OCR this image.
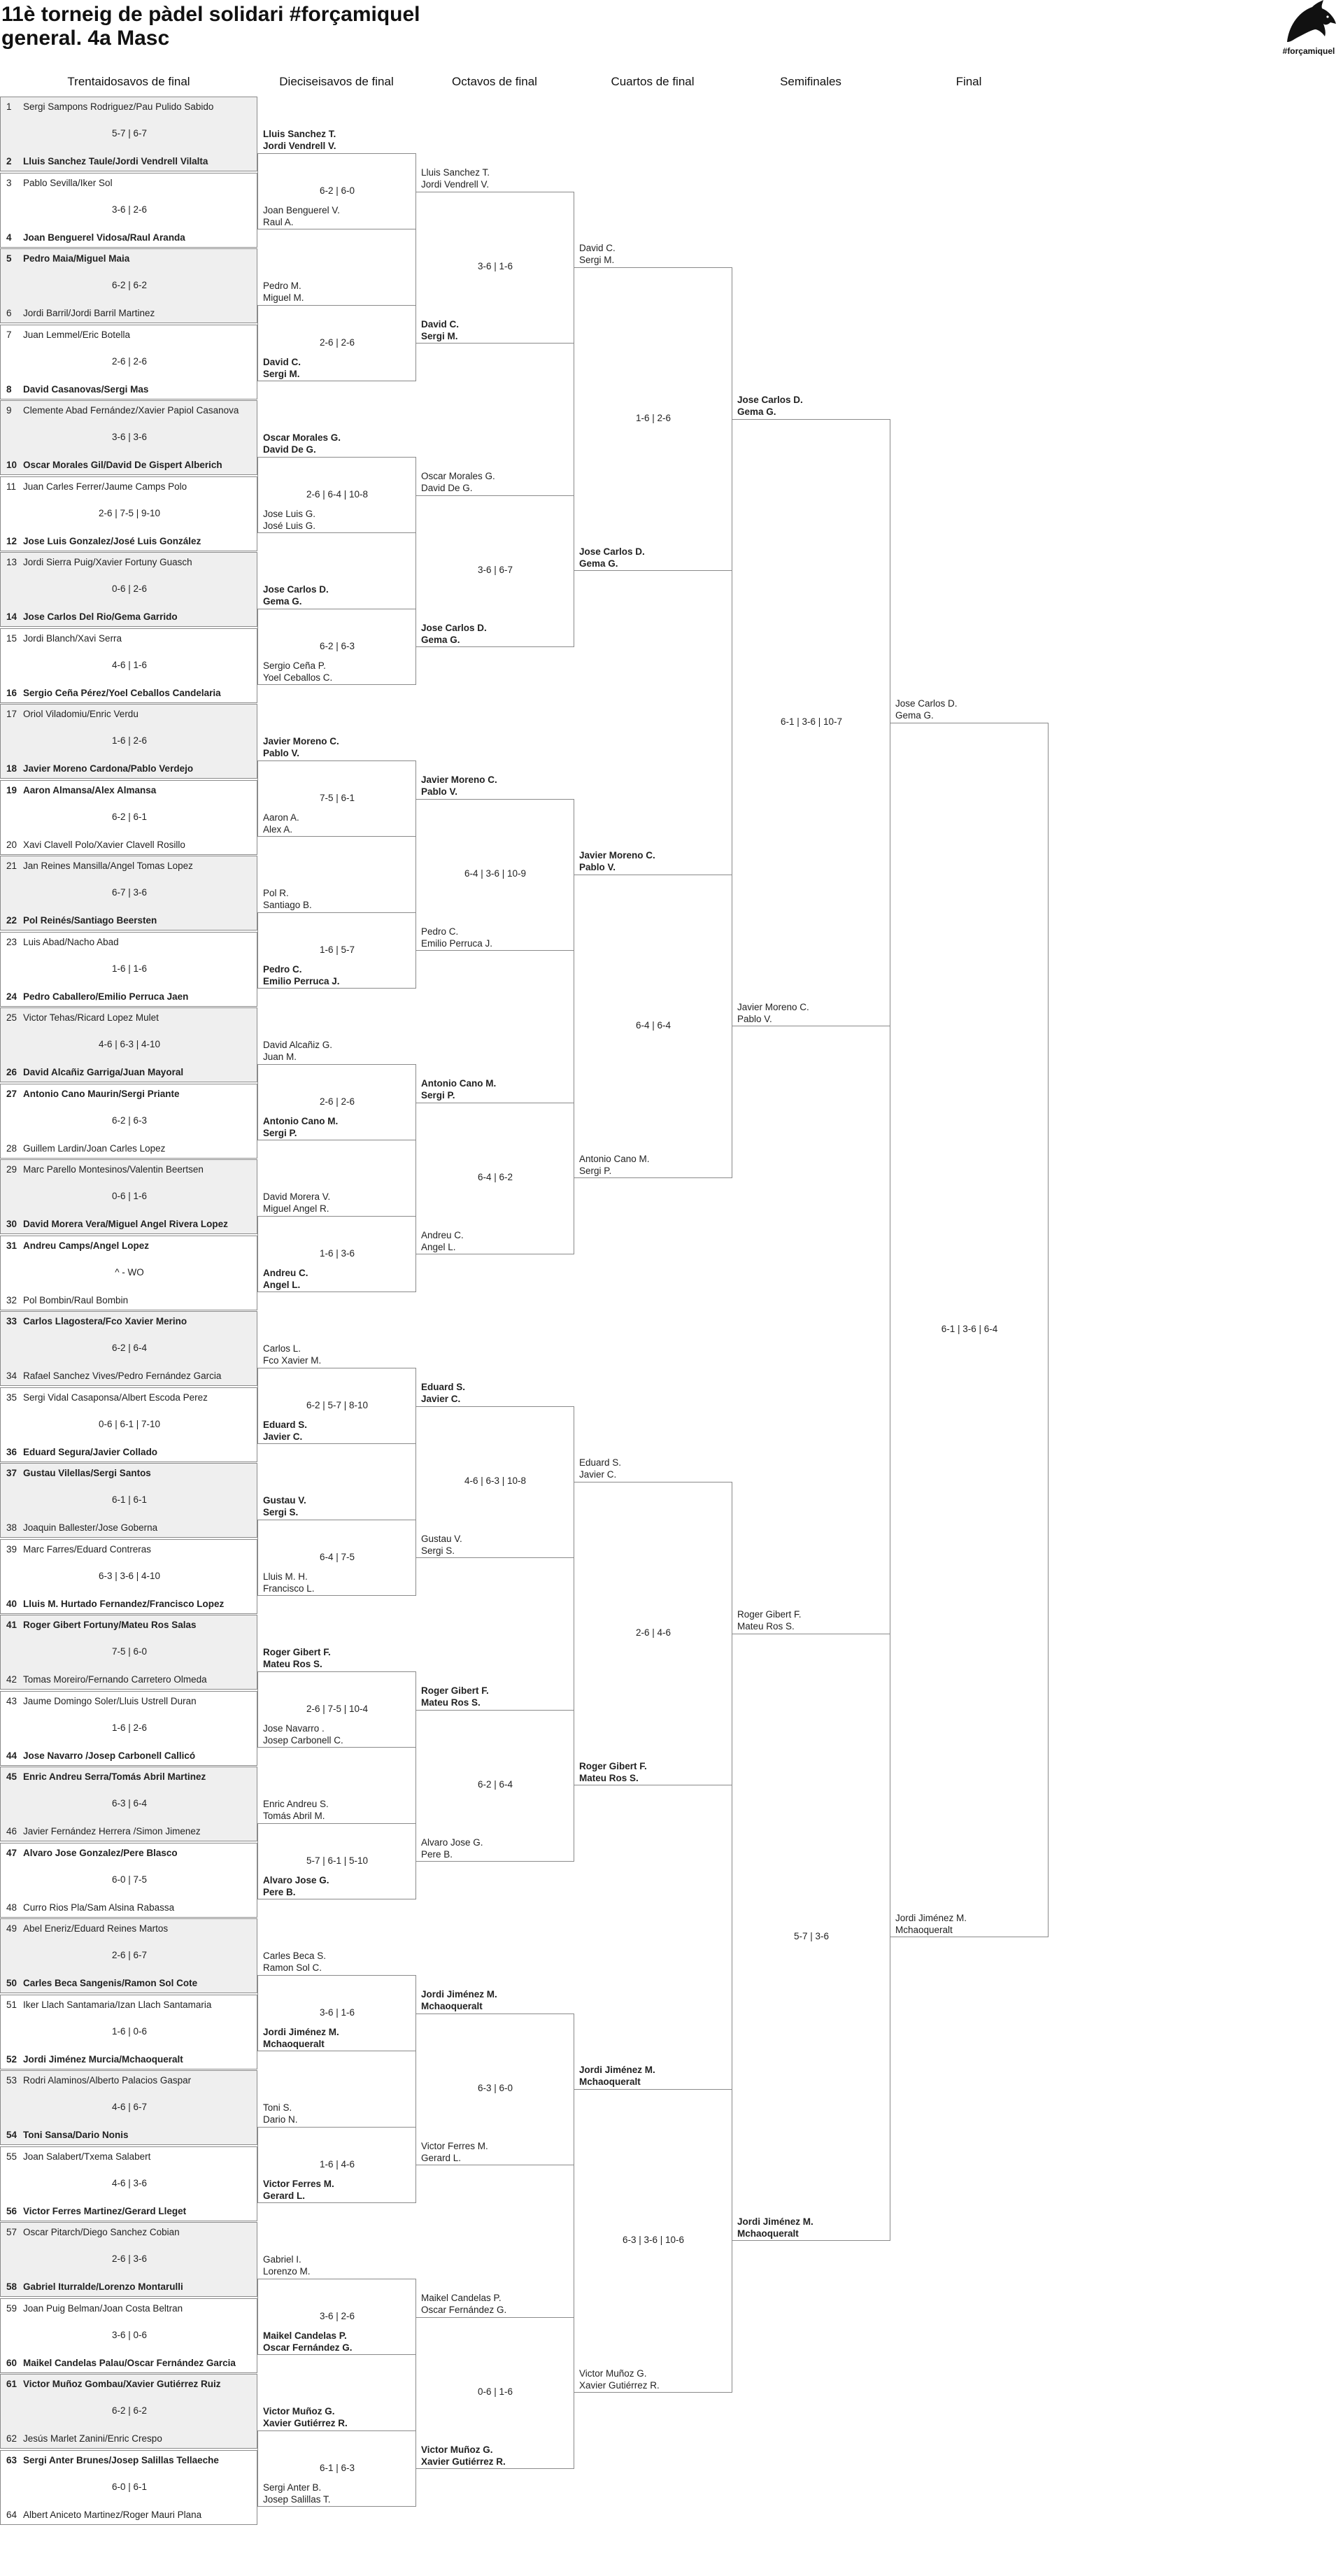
11è torneig de pàdel solidari #forçamiquel
general. 4a Masc
#forçamiquel
Trentaidosavos de final	Dieciseisavos de final	Octavos de final	Cuartos de final	Semifinales	Final
1 Sergi Sampons Rodriguez/Pau Pulido Sabido
5-7 | 6-7
2 Lluis Sanchez Taule/Jordi Vendrell Vilalta
3 Pablo Sevilla/Iker Sol
3-6 | 2-6
4 Joan Benguerel Vidosa/Raul Aranda
5 Pedro Maia/Miguel Maia
6-2 | 6-2
6 Jordi Barril/Jordi Barril Martinez
7 Juan Lemmel/Eric Botella
2-6 | 2-6
8 David Casanovas/Sergi Mas
9 Clemente Abad Fernández/Xavier Papiol Casanova
3-6 | 3-6
10 Oscar Morales Gil/David De Gispert Alberich
11 Juan Carles Ferrer/Jaume Camps Polo
2-6 | 7-5 | 9-10
12 Jose Luis Gonzalez/José Luis González
13 Jordi Sierra Puig/Xavier Fortuny Guasch
0-6 | 2-6
14 Jose Carlos Del Rio/Gema Garrido
15 Jordi Blanch/Xavi Serra
4-6 | 1-6
16 Sergio Ceña Pérez/Yoel Ceballos Candelaria
17 Oriol Viladomiu/Enric Verdu
1-6 | 2-6
18 Javier Moreno Cardona/Pablo Verdejo
19 Aaron Almansa/Alex Almansa
6-2 | 6-1
20 Xavi Clavell Polo/Xavier Clavell Rosillo
21 Jan Reines Mansilla/Angel Tomas Lopez
6-7 | 3-6
22 Pol Reinés/Santiago Beersten
23 Luis Abad/Nacho Abad
1-6 | 1-6
24 Pedro Caballero/Emilio Perruca Jaen
25 Victor Tehas/Ricard Lopez Mulet
4-6 | 6-3 | 4-10
26 David Alcañiz Garriga/Juan Mayoral
27 Antonio Cano Maurin/Sergi Priante
6-2 | 6-3
28 Guillem Lardin/Joan Carles Lopez
29 Marc Parello Montesinos/Valentin Beertsen
0-6 | 1-6
30 David Morera Vera/Miguel Angel Rivera Lopez
31 Andreu Camps/Angel Lopez
^ - WO
32 Pol Bombin/Raul Bombin
33 Carlos Llagostera/Fco Xavier Merino
6-2 | 6-4
34 Rafael Sanchez Vives/Pedro Fernández Garcia
35 Sergi Vidal Casaponsa/Albert Escoda Perez
0-6 | 6-1 | 7-10
36 Eduard Segura/Javier Collado
37 Gustau Vilellas/Sergi Santos
6-1 | 6-1
38 Joaquin Ballester/Jose Goberna
39 Marc Farres/Eduard Contreras
6-3 | 3-6 | 4-10
40 Lluis M. Hurtado Fernandez/Francisco Lopez
41 Roger Gibert Fortuny/Mateu Ros Salas
7-5 | 6-0
42 Tomas Moreiro/Fernando Carretero Olmeda
43 Jaume Domingo Soler/Lluis Ustrell Duran
1-6 | 2-6
44 Jose Navarro /Josep Carbonell Callicó
45 Enric Andreu Serra/Tomás Abril Martinez
6-3 | 6-4
46 Javier Fernández Herrera /Simon Jimenez
47 Alvaro Jose Gonzalez/Pere Blasco
6-0 | 7-5
48 Curro Rios Pla/Sam Alsina Rabassa
49 Abel Eneriz/Eduard Reines Martos
2-6 | 6-7
50 Carles Beca Sangenis/Ramon Sol Cote
51 Iker Llach Santamaria/Izan Llach Santamaria
1-6 | 0-6
52 Jordi Jiménez Murcia/Mchaoqueralt
53 Rodri Alaminos/Alberto Palacios Gaspar
4-6 | 6-7
54 Toni Sansa/Dario Nonis
55 Joan Salabert/Txema Salabert
4-6 | 3-6
56 Victor Ferres Martinez/Gerard Lleget
57 Oscar Pitarch/Diego Sanchez Cobian
2-6 | 3-6
58 Gabriel Iturralde/Lorenzo Montarulli
59 Joan Puig Belman/Joan Costa Beltran
3-6 | 0-6
60 Maikel Candelas Palau/Oscar Fernández Garcia
61 Victor Muñoz Gombau/Xavier Gutiérrez Ruiz
6-2 | 6-2
62 Jesús Marlet Zanini/Enric Crespo
63 Sergi Anter Brunes/Josep Salillas Tellaeche
6-0 | 6-1
64 Albert Aniceto Martinez/Roger Mauri Plana
Lluis Sanchez T.
Jordi Vendrell V.
Joan Benguerel V.
Raul A.
6-2 | 6-0
Pedro M.
Miguel M.
David C.
Sergi M.
2-6 | 2-6
Oscar Morales G.
David De G.
Jose Luis G.
José Luis G.
2-6 | 6-4 | 10-8
Jose Carlos D.
Gema G.
Sergio Ceña P.
Yoel Ceballos C.
6-2 | 6-3
Javier Moreno C.
Pablo V.
Aaron A.
Alex A.
7-5 | 6-1
Pol R.
Santiago B.
Pedro C.
Emilio Perruca J.
1-6 | 5-7
David Alcañiz G.
Juan M.
Antonio Cano M.
Sergi P.
2-6 | 2-6
David Morera V.
Miguel Angel R.
Andreu C.
Angel L.
1-6 | 3-6
Carlos L.
Fco Xavier M.
Eduard S.
Javier C.
6-2 | 5-7 | 8-10
Gustau V.
Sergi S.
Lluis M. H.
Francisco L.
6-4 | 7-5
Roger Gibert F.
Mateu Ros S.
Jose Navarro .
Josep Carbonell C.
2-6 | 7-5 | 10-4
Enric Andreu S.
Tomás Abril M.
Alvaro Jose G.
Pere B.
5-7 | 6-1 | 5-10
Carles Beca S.
Ramon Sol C.
Jordi Jiménez M.
Mchaoqueralt
3-6 | 1-6
Toni S.
Dario N.
Victor Ferres M.
Gerard L.
1-6 | 4-6
Gabriel I.
Lorenzo M.
Maikel Candelas P.
Oscar Fernández G.
3-6 | 2-6
Victor Muñoz G.
Xavier Gutiérrez R.
Sergi Anter B.
Josep Salillas T.
6-1 | 6-3
Lluis Sanchez T.
Jordi Vendrell V.
David C.
Sergi M.
3-6 | 1-6
Oscar Morales G.
David De G.
Jose Carlos D.
Gema G.
3-6 | 6-7
Javier Moreno C.
Pablo V.
Pedro C.
Emilio Perruca J.
6-4 | 3-6 | 10-9
Antonio Cano M.
Sergi P.
Andreu C.
Angel L.
6-4 | 6-2
Eduard S.
Javier C.
Gustau V.
Sergi S.
4-6 | 6-3 | 10-8
Roger Gibert F.
Mateu Ros S.
Alvaro Jose G.
Pere B.
6-2 | 6-4
Jordi Jiménez M.
Mchaoqueralt
Victor Ferres M.
Gerard L.
6-3 | 6-0
Maikel Candelas P.
Oscar Fernández G.
Victor Muñoz G.
Xavier Gutiérrez R.
0-6 | 1-6
David C.
Sergi M.
Jose Carlos D.
Gema G.
1-6 | 2-6
Javier Moreno C.
Pablo V.
Antonio Cano M.
Sergi P.
6-4 | 6-4
Eduard S.
Javier C.
Roger Gibert F.
Mateu Ros S.
2-6 | 4-6
Jordi Jiménez M.
Mchaoqueralt
Victor Muñoz G.
Xavier Gutiérrez R.
6-3 | 3-6 | 10-6
Jose Carlos D.
Gema G.
Javier Moreno C.
Pablo V.
6-1 | 3-6 | 10-7
Roger Gibert F.
Mateu Ros S.
Jordi Jiménez M.
Mchaoqueralt
5-7 | 3-6
Jose Carlos D.
Gema G.
Jordi Jiménez M.
Mchaoqueralt
6-1 | 3-6 | 6-4
